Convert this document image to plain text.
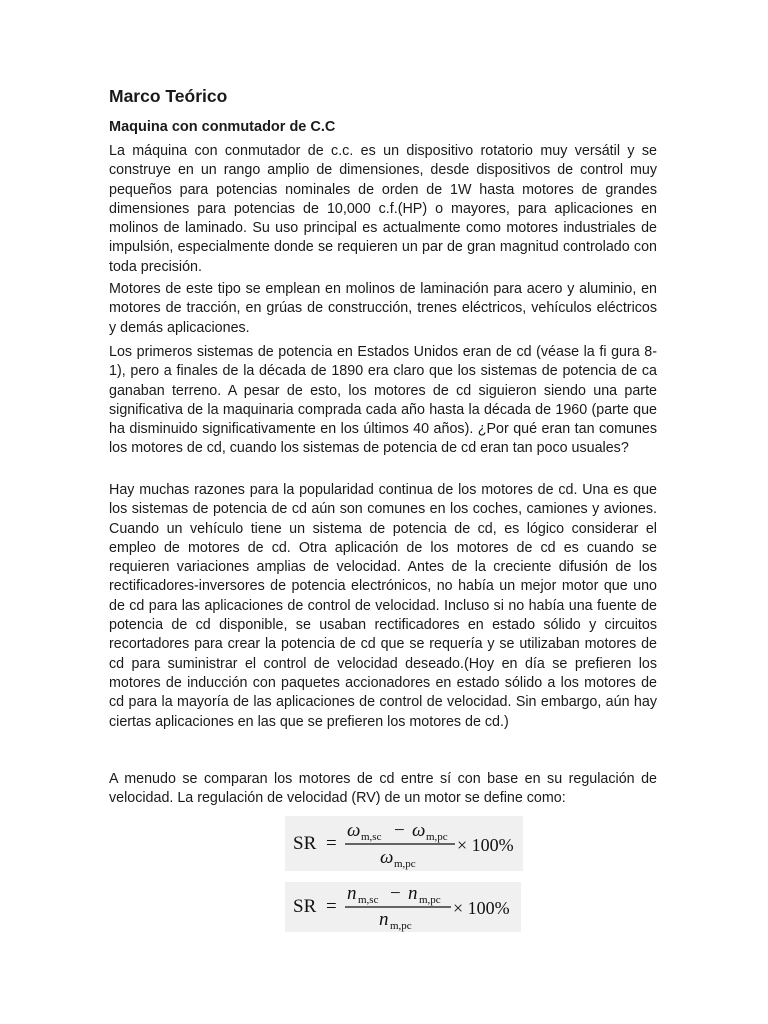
Marco Teórico
Maquina con conmutador de C.C

La máquina con conmutador de c.c. es un dispositivo rotatorio muy versátil y se construye en un rango amplio de dimensiones, desde dispositivos de control muy pequeños para potencias nominales de orden de 1W hasta motores de grandes dimensiones para potencias de 10,000 c.f.(HP) o mayores, para aplicaciones en molinos de laminado. Su uso principal es actualmente como motores industriales de impulsión, especialmente donde se requieren un par de gran magnitud controlado con toda precisión.

Motores de este tipo se emplean en molinos de laminación para acero y aluminio, en motores de tracción, en grúas de construcción, trenes eléctricos, vehículos eléctricos y demás aplicaciones.

Los primeros sistemas de potencia en Estados Unidos eran de cd (véase la fi gura 8-1), pero a finales de la década de 1890 era claro que los sistemas de potencia de ca ganaban terreno. A pesar de esto, los motores de cd siguieron siendo una parte significativa de la maquinaria comprada cada año hasta la década de 1960 (parte que ha disminuido significativamente en los últimos 40 años). ¿Por qué eran tan comunes los motores de cd, cuando los sistemas de potencia de cd eran tan poco usuales?

Hay muchas razones para la popularidad continua de los motores de cd. Una es que los sistemas de potencia de cd aún son comunes en los coches, camiones y aviones. Cuando un vehículo tiene un sistema de potencia de cd, es lógico considerar el empleo de motores de cd. Otra aplicación de los motores de cd es cuando se requieren variaciones amplias de velocidad. Antes de la creciente difusión de los rectificadores-inversores de potencia electrónicos, no había un mejor motor que uno de cd para las aplicaciones de control de velocidad. Incluso si no había una fuente de potencia de cd disponible, se usaban rectificadores en estado sólido y circuitos recortadores para crear la potencia de cd que se requería y se utilizaban motores de cd para suministrar el control de velocidad deseado.(Hoy en día se prefieren los motores de inducción con paquetes accionadores en estado sólido a los motores de cd para la mayoría de las aplicaciones de control de velocidad. Sin embargo, aún hay ciertas aplicaciones en las que se prefieren los motores de cd.)

A menudo se comparan los motores de cd entre sí con base en su regulación de velocidad. La regulación de velocidad (RV) de un motor se define como:

SR =
ω m,sc − ω m,pc
ω m,pc
× 100%
SR =
n m,sc − n m,pc
n m,pc
× 100%
